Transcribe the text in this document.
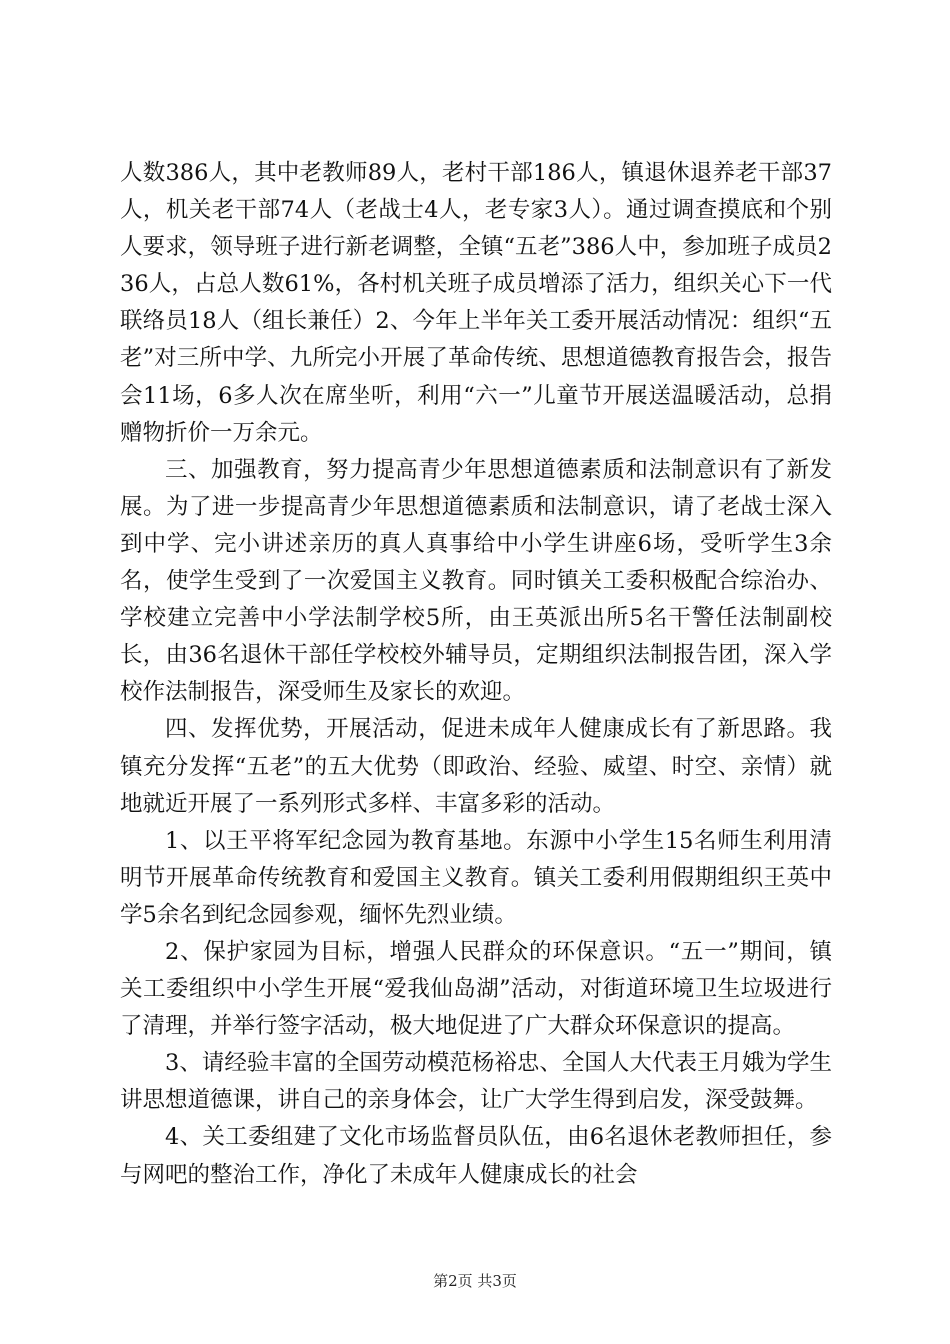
人数386人，其中老教师89人，老村干部186人，镇退休退养老干部37人，机关老干部74人（老战士4人，老专家3人）。通过调查摸底和个别人要求，领导班子进行新老调整，全镇“五老”386人中，参加班子成员236人，占总人数61%，各村机关班子成员增添了活力，组织关心下一代联络员18人（组长兼任）2、今年上半年关工委开展活动情况：组织“五老”对三所中学、九所完小开展了革命传统、思想道德教育报告会，报告会11场，6多人次在席坐听，利用“六一”儿童节开展送温暖活动，总捐赠物折价一万余元。

三、加强教育，努力提高青少年思想道德素质和法制意识有了新发展。为了进一步提高青少年思想道德素质和法制意识，请了老战士深入到中学、完小讲述亲历的真人真事给中小学生讲座6场，受听学生3余名，使学生受到了一次爱国主义教育。同时镇关工委积极配合综治办、学校建立完善中小学法制学校5所，由王英派出所5名干警任法制副校长，由36名退休干部任学校校外辅导员，定期组织法制报告团，深入学校作法制报告，深受师生及家长的欢迎。

四、发挥优势，开展活动，促进未成年人健康成长有了新思路。我镇充分发挥“五老”的五大优势（即政治、经验、威望、时空、亲情）就地就近开展了一系列形式多样、丰富多彩的活动。

1、以王平将军纪念园为教育基地。东源中小学生15名师生利用清明节开展革命传统教育和爱国主义教育。镇关工委利用假期组织王英中学5余名到纪念园参观，缅怀先烈业绩。

2、保护家园为目标，增强人民群众的环保意识。“五一”期间，镇关工委组织中小学生开展“爱我仙岛湖”活动，对街道环境卫生垃圾进行了清理，并举行签字活动，极大地促进了广大群众环保意识的提高。

3、请经验丰富的全国劳动模范杨裕忠、全国人大代表王月娥为学生讲思想道德课，讲自己的亲身体会，让广大学生得到启发，深受鼓舞。

4、关工委组建了文化市场监督员队伍，由6名退休老教师担任，参与网吧的整治工作，净化了未成年人健康成长的社会

第2页 共3页
